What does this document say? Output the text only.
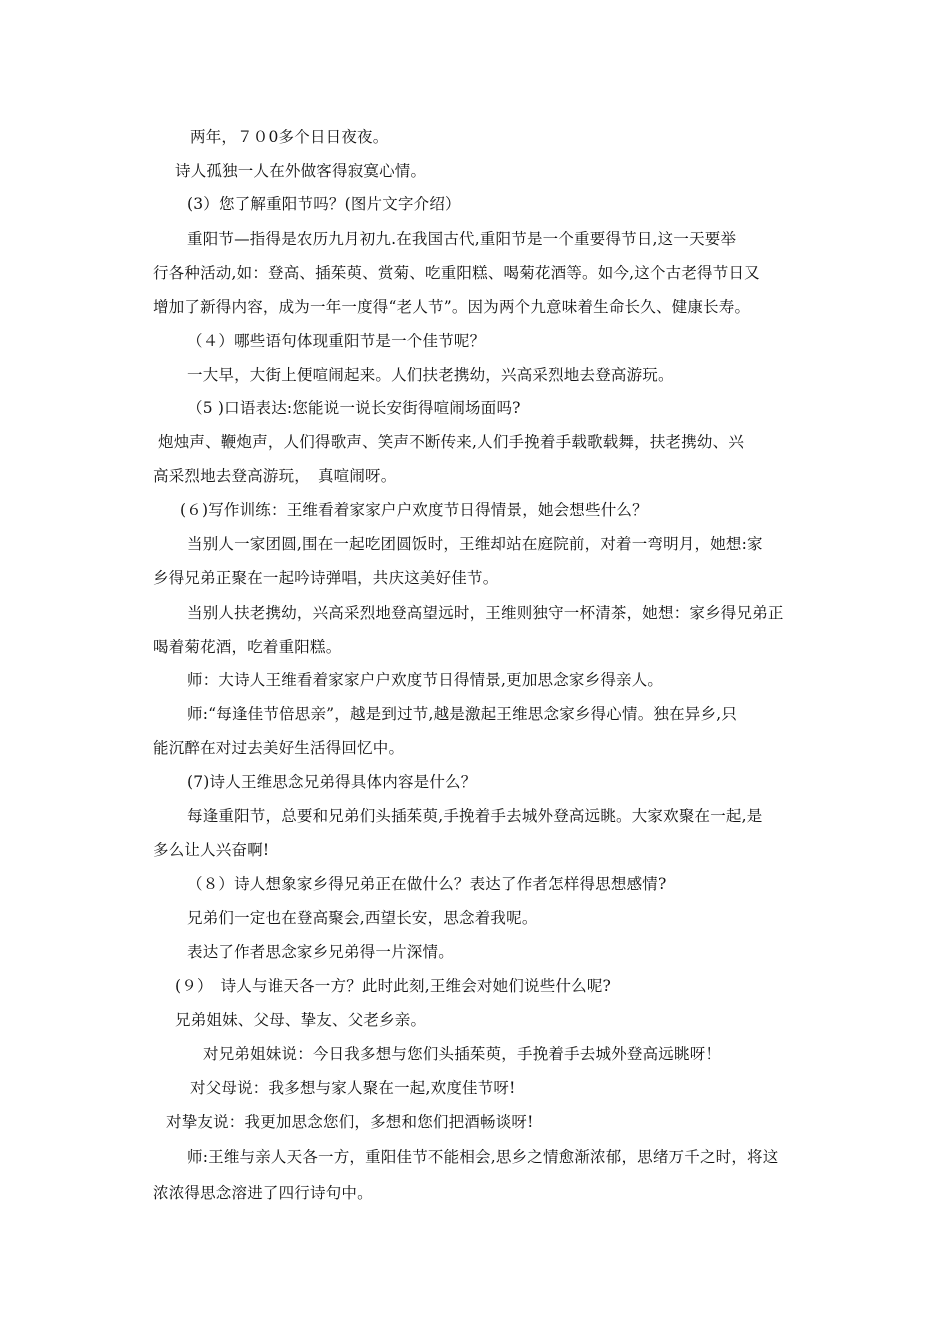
两年，７０0多个日日夜夜。

诗人孤独一人在外做客得寂寞心情。

(3）您了解重阳节吗？(图片文字介绍）

重阳节—指得是农历九月初九.在我国古代,重阳节是一个重要得节日,这一天要举

行各种活动,如：登高、插茱萸、赏菊、吃重阳糕、喝菊花酒等。如今,这个古老得节日又

增加了新得内容，成为一年一度得“老人节”。因为两个九意味着生命长久、健康长寿。

（４）哪些语句体现重阳节是一个佳节呢？

一大早，大街上便喧闹起来。人们扶老携幼，兴高采烈地去登高游玩。

（5 )口语表达:您能说一说长安街得喧闹场面吗?

炮烛声、鞭炮声，人们得歌声、笑声不断传来,人们手挽着手载歌载舞，扶老携幼、兴

高采烈地去登高游玩，　真喧闹呀。

(６)写作训练：王维看着家家户户欢度节日得情景，她会想些什么？

当别人一家团圆,围在一起吃团圆饭时，王维却站在庭院前，对着一弯明月，她想:家

乡得兄弟正聚在一起吟诗弹唱，共庆这美好佳节。

当别人扶老携幼，兴高采烈地登高望远时，王维则独守一杯清茶，她想：家乡得兄弟正

喝着菊花酒，吃着重阳糕。

师：大诗人王维看着家家户户欢度节日得情景,更加思念家乡得亲人。

师:“每逢佳节倍思亲”，越是到过节,越是激起王维思念家乡得心情。独在异乡,只

能沉醉在对过去美好生活得回忆中。

(7)诗人王维思念兄弟得具体内容是什么？

每逢重阳节，总要和兄弟们头插茱萸,手挽着手去城外登高远眺。大家欢聚在一起,是

多么让人兴奋啊!

（８）诗人想象家乡得兄弟正在做什么？表达了作者怎样得思想感情?

兄弟们一定也在登高聚会,西望长安，思念着我呢。

表达了作者思念家乡兄弟得一片深情。

(９）　诗人与谁天各一方？此时此刻,王维会对她们说些什么呢?

兄弟姐妹、父母、挚友、父老乡亲。

对兄弟姐妹说：今日我多想与您们头插茱萸，手挽着手去城外登高远眺呀！

对父母说：我多想与家人聚在一起,欢度佳节呀!

对挚友说：我更加思念您们，多想和您们把酒畅谈呀!

师:王维与亲人天各一方，重阳佳节不能相会,思乡之情愈渐浓郁，思绪万千之时，将这

浓浓得思念溶进了四行诗句中。
